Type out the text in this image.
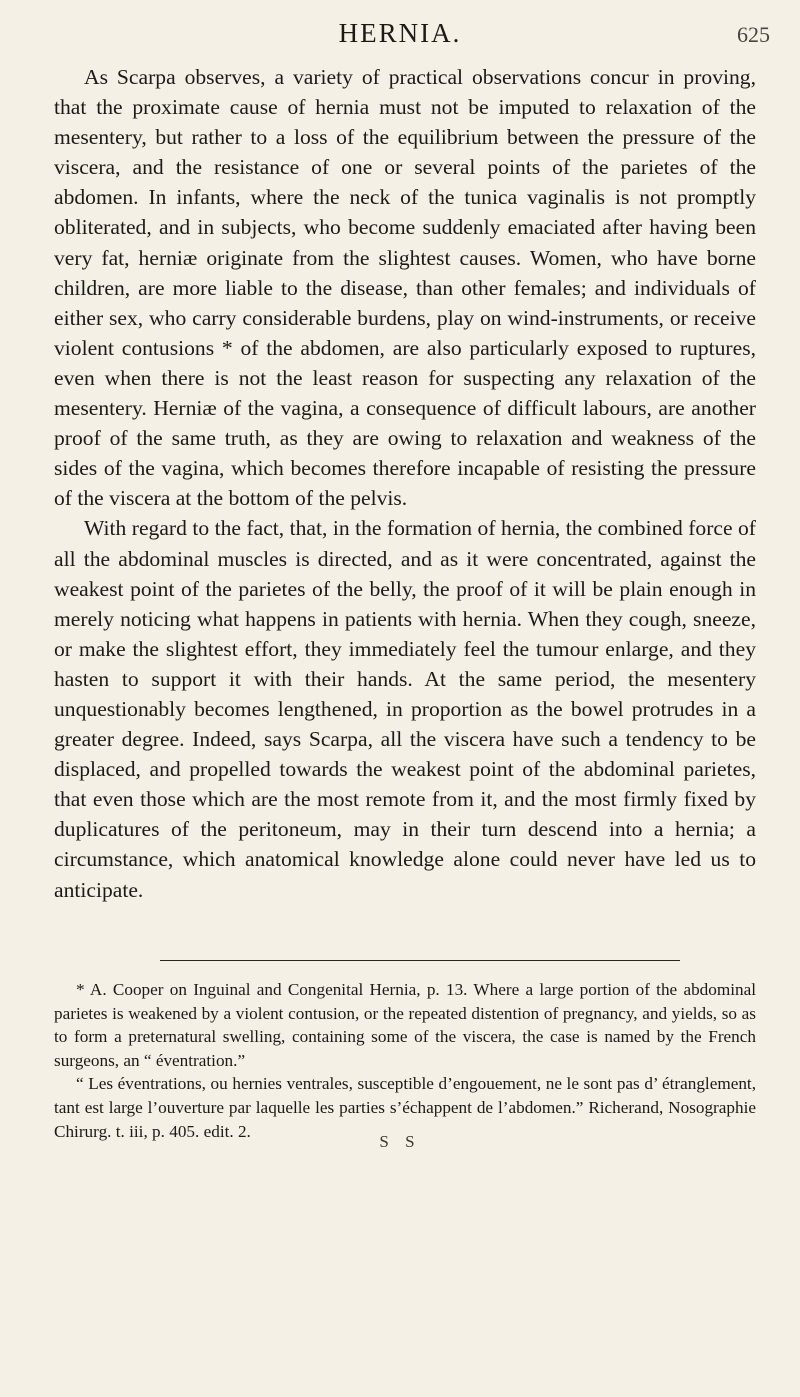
HERNIA.	625

As Scarpa observes, a variety of practical observations concur in proving, that the proximate cause of hernia must not be imputed to relaxation of the mesentery, but rather to a loss of the equilibrium between the pressure of the viscera, and the resistance of one or several points of the parietes of the abdomen. In infants, where the neck of the tunica vaginalis is not promptly obliterated, and in subjects, who become suddenly emaciated after having been very fat, herniæ originate from the slightest causes. Women, who have borne children, are more liable to the disease, than other females; and individuals of either sex, who carry considerable burdens, play on wind-instruments, or receive violent contusions * of the abdomen, are also particularly exposed to ruptures, even when there is not the least reason for suspecting any relaxation of the mesentery. Herniæ of the vagina, a consequence of difficult labours, are another proof of the same truth, as they are owing to relaxation and weakness of the sides of the vagina, which becomes therefore incapable of resisting the pressure of the viscera at the bottom of the pelvis.

With regard to the fact, that, in the formation of hernia, the combined force of all the abdominal muscles is directed, and as it were concentrated, against the weakest point of the parietes of the belly, the proof of it will be plain enough in merely noticing what happens in patients with hernia. When they cough, sneeze, or make the slightest effort, they immediately feel the tumour enlarge, and they hasten to support it with their hands. At the same period, the mesentery unquestionably becomes lengthened, in proportion as the bowel protrudes in a greater degree. Indeed, says Scarpa, all the viscera have such a tendency to be displaced, and propelled towards the weakest point of the abdominal parietes, that even those which are the most remote from it, and the most firmly fixed by duplicatures of the peritoneum, may in their turn descend into a hernia; a circumstance, which anatomical knowledge alone could never have led us to anticipate.

* A. Cooper on Inguinal and Congenital Hernia, p. 13. Where a large portion of the abdominal parietes is weakened by a violent contusion, or the repeated distention of pregnancy, and yields, so as to form a preternatural swelling, containing some of the viscera, the case is named by the French surgeons, an “ éventration.”

“ Les éventrations, ou hernies ventrales, susceptible d’engouement, ne le sont pas d’ étranglement, tant est large l’ouverture par laquelle les parties s’échappent de l’abdomen.” Richerand, Nosographie Chirurg. t. iii, p. 405. edit. 2.

S S
